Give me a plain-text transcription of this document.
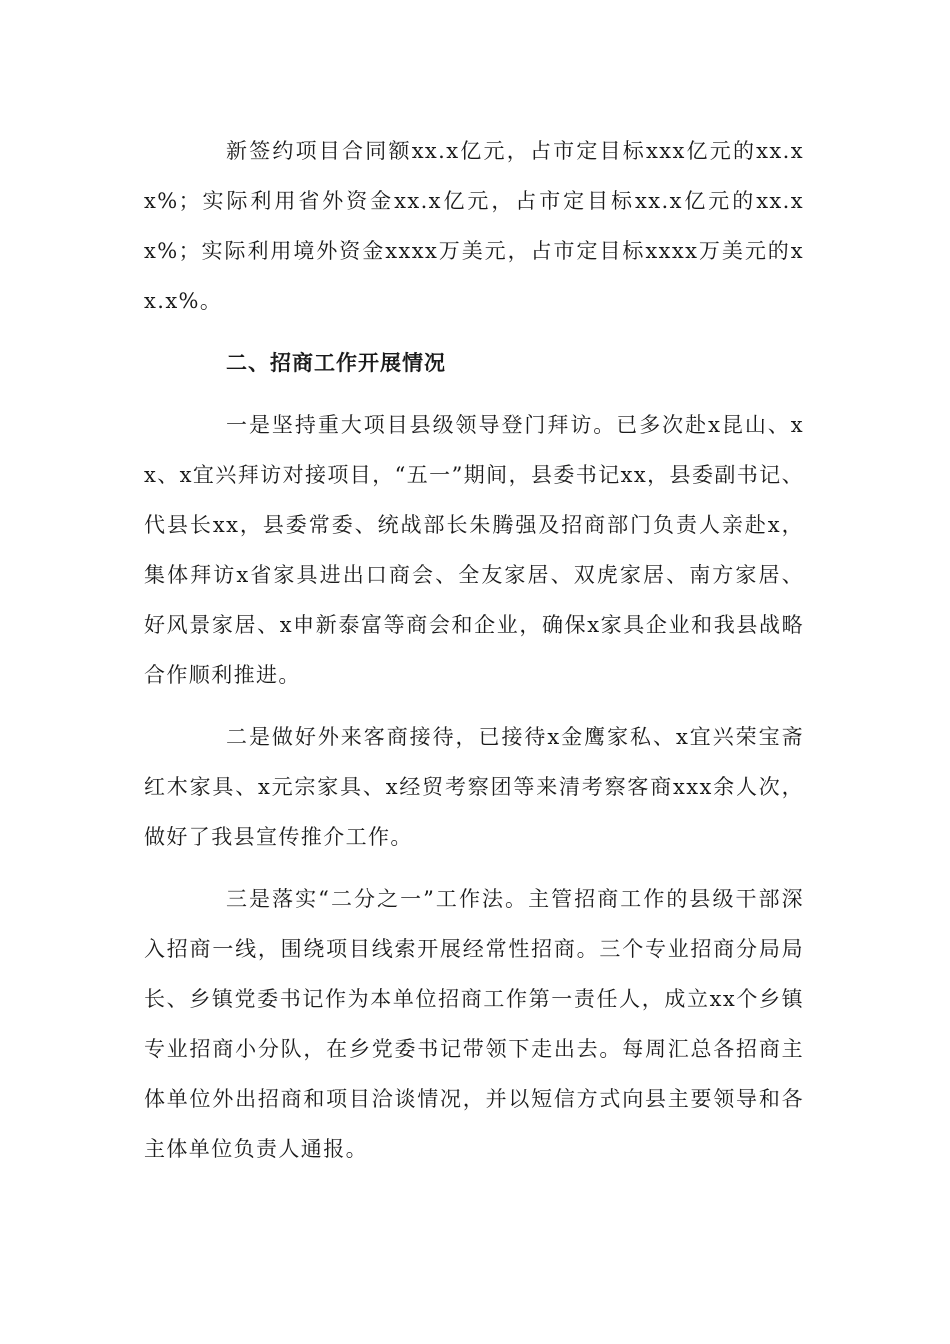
新签约项目合同额xx.x亿元，占市定目标xxx亿元的xx.xx%；实际利用省外资金xx.x亿元，占市定目标xx.x亿元的xx.xx%；实际利用境外资金xxxx万美元，占市定目标xxxx万美元的xx.x%。

二、招商工作开展情况

一是坚持重大项目县级领导登门拜访。已多次赴x昆山、xx、x宜兴拜访对接项目，“五一”期间，县委书记xx，县委副书记、代县长xx，县委常委、统战部长朱腾强及招商部门负责人亲赴x，集体拜访x省家具进出口商会、全友家居、双虎家居、南方家居、好风景家居、x申新泰富等商会和企业，确保x家具企业和我县战略合作顺利推进。

二是做好外来客商接待，已接待x金鹰家私、x宜兴荣宝斋红木家具、x元宗家具、x经贸考察团等来清考察客商xxx余人次，做好了我县宣传推介工作。

三是落实“二分之一”工作法。主管招商工作的县级干部深入招商一线，围绕项目线索开展经常性招商。三个专业招商分局局长、乡镇党委书记作为本单位招商工作第一责任人，成立xx个乡镇专业招商小分队，在乡党委书记带领下走出去。每周汇总各招商主体单位外出招商和项目洽谈情况，并以短信方式向县主要领导和各主体单位负责人通报。
